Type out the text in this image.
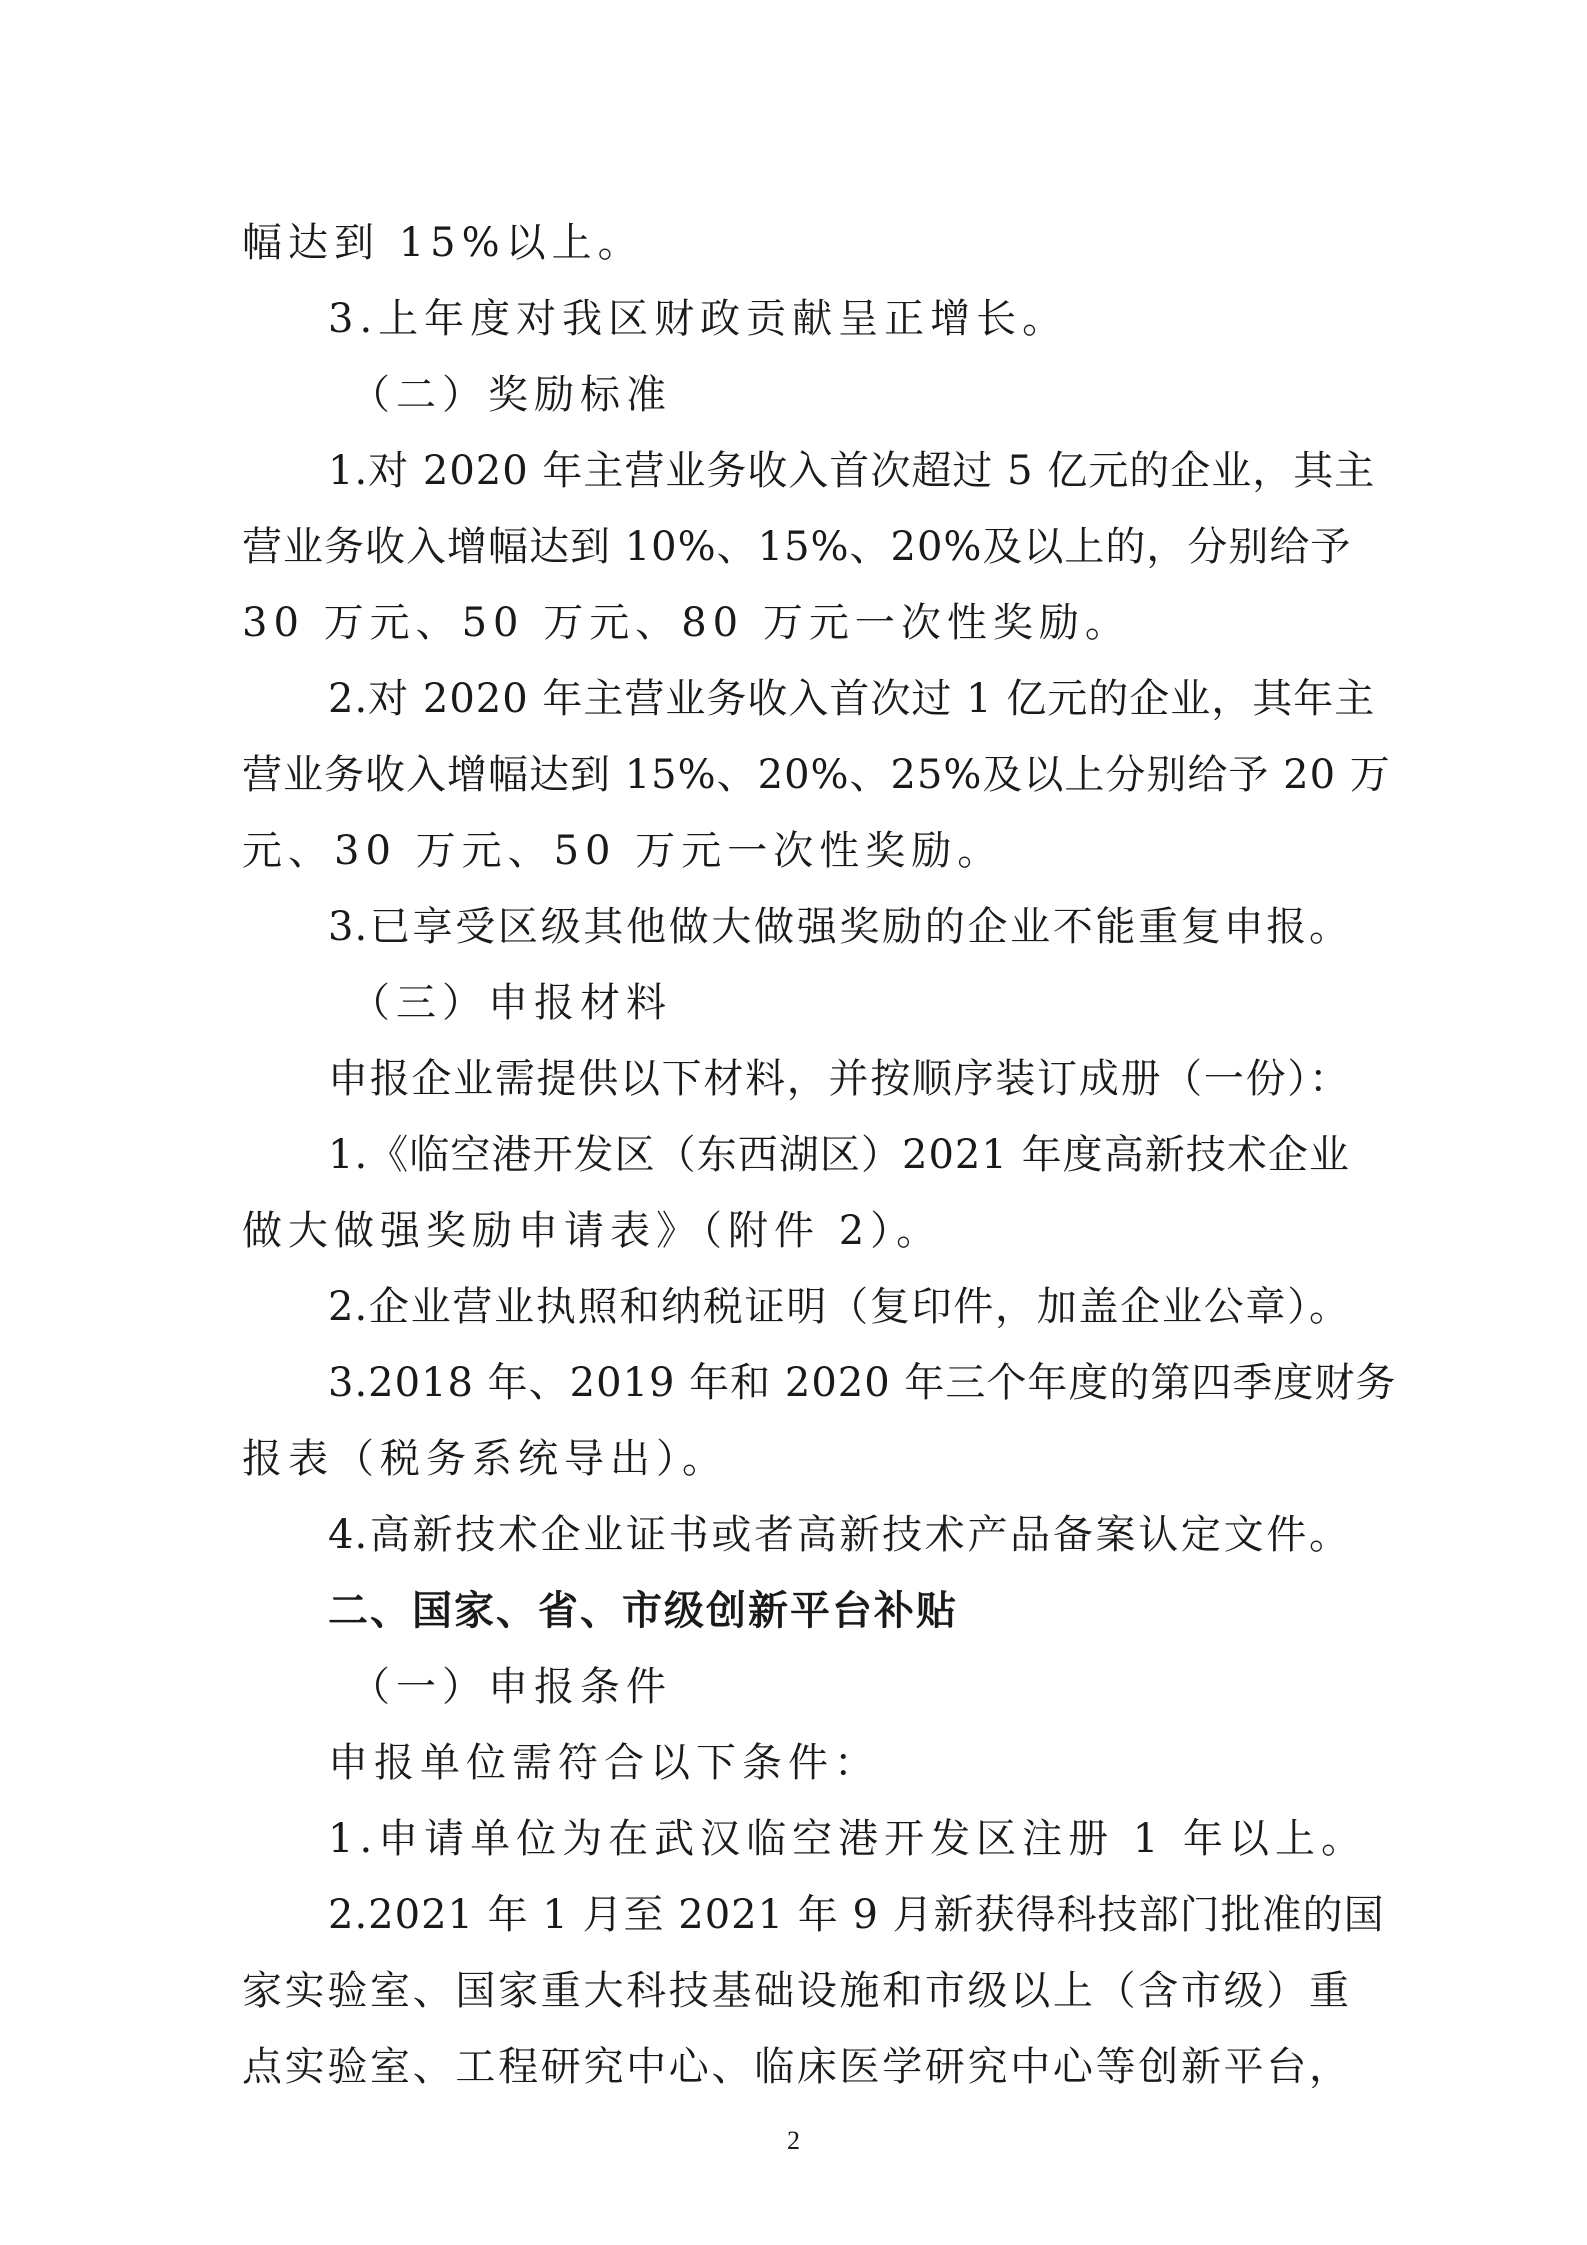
幅达到 15%以上。
3.上年度对我区财政贡献呈正增长。
（二）奖励标准
1.对 2020 年主营业务收入首次超过 5 亿元的企业，其主
营业务收入增幅达到 10%、15%、20%及以上的，分别给予
30 万元、50 万元、80 万元一次性奖励。
2.对 2020 年主营业务收入首次过 1 亿元的企业，其年主
营业务收入增幅达到 15%、20%、25%及以上分别给予 20 万
元、30 万元、50 万元一次性奖励。
3.已享受区级其他做大做强奖励的企业不能重复申报。
（三）申报材料
申报企业需提供以下材料，并按顺序装订成册（一份）：
1.《临空港开发区（东西湖区）2021 年度高新技术企业
做大做强奖励申请表》（附件 2）。
2.企业营业执照和纳税证明（复印件，加盖企业公章）。
3.2018 年、2019 年和 2020 年三个年度的第四季度财务
报表（税务系统导出）。
4.高新技术企业证书或者高新技术产品备案认定文件。
二、国家、省、市级创新平台补贴
（一）申报条件
申报单位需符合以下条件：
1.申请单位为在武汉临空港开发区注册 1 年以上。
2.2021 年 1 月至 2021 年 9 月新获得科技部门批准的国
家实验室、国家重大科技基础设施和市级以上（含市级）重
点实验室、工程研究中心、临床医学研究中心等创新平台，
2
